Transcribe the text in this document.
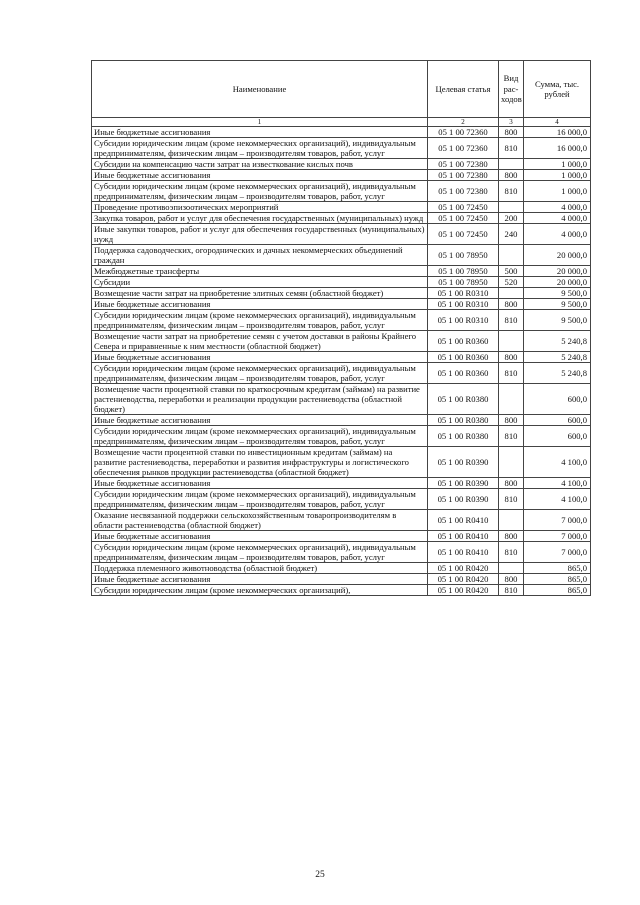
Наименование	Целевая статья	Вид рас-ходов	Сумма, тыс. рублей
1	2	3	4
Иные бюджетные ассигнования	05 1 00 72360	800	16 000,0
Субсидии юридическим лицам (кроме некоммерческих организаций), индивидуальным предпринимателям, физическим лицам – производителям товаров, работ, услуг	05 1 00 72360	810	16 000,0
Субсидии на компенсацию части затрат на известкование кислых почв	05 1 00 72380		1 000,0
Иные бюджетные ассигнования	05 1 00 72380	800	1 000,0
Субсидии юридическим лицам (кроме некоммерческих организаций), индивидуальным предпринимателям, физическим лицам – производителям товаров, работ, услуг	05 1 00 72380	810	1 000,0
Проведение противоэпизоотических мероприятий	05 1 00 72450		4 000,0
Закупка товаров, работ и услуг для обеспечения государственных (муниципальных) нужд	05 1 00 72450	200	4 000,0
Иные закупки товаров, работ и услуг для обеспечения государственных (муниципальных) нужд	05 1 00 72450	240	4 000,0
Поддержка садоводческих, огороднических и дачных некоммерческих объединений граждан	05 1 00 78950		20 000,0
Межбюджетные трансферты	05 1 00 78950	500	20 000,0
Субсидии	05 1 00 78950	520	20 000,0
Возмещение части затрат на приобретение элитных семян (областной бюджет)	05 1 00 R0310		9 500,0
Иные бюджетные ассигнования	05 1 00 R0310	800	9 500,0
Субсидии юридическим лицам (кроме некоммерческих организаций), индивидуальным предпринимателям, физическим лицам – производителям товаров, работ, услуг	05 1 00 R0310	810	9 500,0
Возмещение части затрат на приобретение семян с учетом доставки в районы Крайнего Севера и приравненные к ним местности (областной бюджет)	05 1 00 R0360		5 240,8
Иные бюджетные ассигнования	05 1 00 R0360	800	5 240,8
Субсидии юридическим лицам (кроме некоммерческих организаций), индивидуальным предпринимателям, физическим лицам – производителям товаров, работ, услуг	05 1 00 R0360	810	5 240,8
Возмещение части процентной ставки по краткосрочным кредитам (займам) на развитие растениеводства, переработки и реализации продукции растениеводства (областной бюджет)	05 1 00 R0380		600,0
Иные бюджетные ассигнования	05 1 00 R0380	800	600,0
Субсидии юридическим лицам (кроме некоммерческих организаций), индивидуальным предпринимателям, физическим лицам – производителям товаров, работ, услуг	05 1 00 R0380	810	600,0
Возмещение части процентной ставки по инвестиционным кредитам (займам) на развитие растениеводства, переработки и развития инфраструктуры и логистического обеспечения рынков продукции растениеводства (областной бюджет)	05 1 00 R0390		4 100,0
Иные бюджетные ассигнования	05 1 00 R0390	800	4 100,0
Субсидии юридическим лицам (кроме некоммерческих организаций), индивидуальным предпринимателям, физическим лицам – производителям товаров, работ, услуг	05 1 00 R0390	810	4 100,0
Оказание несвязанной поддержки сельскохозяйственным товаропроизводителям в области растениеводства (областной бюджет)	05 1 00 R0410		7 000,0
Иные бюджетные ассигнования	05 1 00 R0410	800	7 000,0
Субсидии юридическим лицам (кроме некоммерческих организаций), индивидуальным предпринимателям, физическим лицам – производителям товаров, работ, услуг	05 1 00 R0410	810	7 000,0
Поддержка племенного животноводства (областной бюджет)	05 1 00 R0420		865,0
Иные бюджетные ассигнования	05 1 00 R0420	800	865,0
Субсидии юридическим лицам (кроме некоммерческих организаций),	05 1 00 R0420	810	865,0
25
